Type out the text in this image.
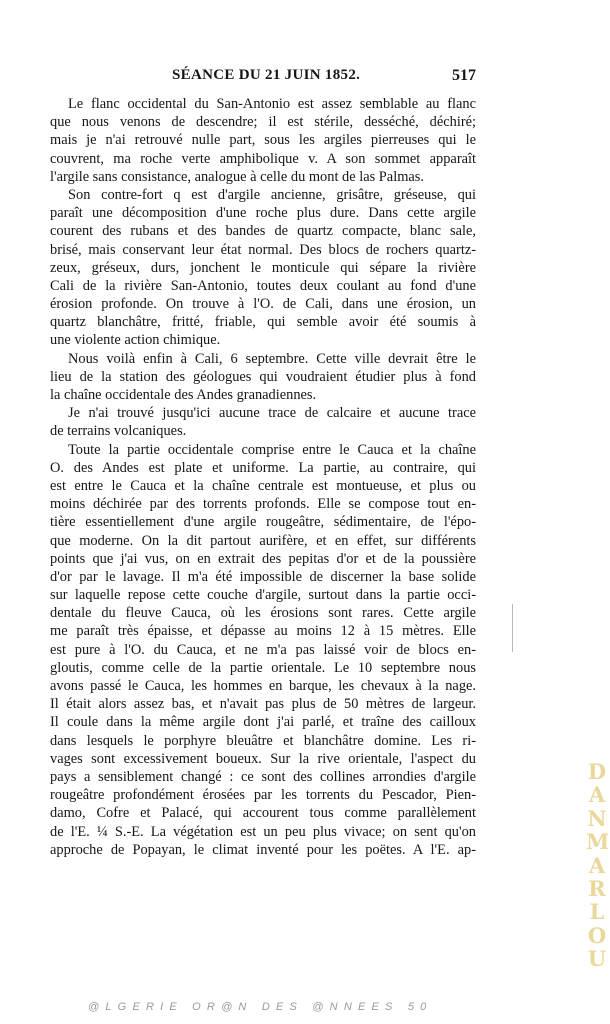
SÉANCE DU 21 JUIN 1852.	517
Le flanc occidental du San-Antonio est assez semblable au flanc
que nous venons de descendre; il est stérile, desséché, déchiré;
mais je n'ai retrouvé nulle part, sous les argiles pierreuses qui le
couvrent, ma roche verte amphibolique v. A son sommet apparaît
l'argile sans consistance, analogue à celle du mont de las Palmas.
Son contre-fort q est d'argile ancienne, grisâtre, gréseuse, qui
paraît une décomposition d'une roche plus dure. Dans cette argile
courent des rubans et des bandes de quartz compacte, blanc sale,
brisé, mais conservant leur état normal. Des blocs de rochers quartz-
zeux, gréseux, durs, jonchent le monticule qui sépare la rivière
Cali de la rivière San-Antonio, toutes deux coulant au fond d'une
érosion profonde. On trouve à l'O. de Cali, dans une érosion, un
quartz blanchâtre, fritté, friable, qui semble avoir été soumis à
une violente action chimique.
Nous voilà enfin à Cali, 6 septembre. Cette ville devrait être le
lieu de la station des géologues qui voudraient étudier plus à fond
la chaîne occidentale des Andes granadiennes.
Je n'ai trouvé jusqu'ici aucune trace de calcaire et aucune trace
de terrains volcaniques.
Toute la partie occidentale comprise entre le Cauca et la chaîne
O. des Andes est plate et uniforme. La partie, au contraire, qui
est entre le Cauca et la chaîne centrale est montueuse, et plus ou
moins déchirée par des torrents profonds. Elle se compose tout en-
tière essentiellement d'une argile rougeâtre, sédimentaire, de l'épo-
que moderne. On la dit partout aurifère, et en effet, sur différents
points que j'ai vus, on en extrait des pepitas d'or et de la poussière
d'or par le lavage. Il m'a été impossible de discerner la base solide
sur laquelle repose cette couche d'argile, surtout dans la partie occi-
dentale du fleuve Cauca, où les érosions sont rares. Cette argile
me paraît très épaisse, et dépasse au moins 12 à 15 mètres. Elle
est pure à l'O. du Cauca, et ne m'a pas laissé voir de blocs en-
gloutis, comme celle de la partie orientale. Le 10 septembre nous
avons passé le Cauca, les hommes en barque, les chevaux à la nage.
Il était alors assez bas, et n'avait pas plus de 50 mètres de largeur.
Il coule dans la même argile dont j'ai parlé, et traîne des cailloux
dans lesquels le porphyre bleuâtre et blanchâtre domine. Les ri-
vages sont excessivement boueux. Sur la rive orientale, l'aspect du
pays a sensiblement changé : ce sont des collines arrondies d'argile
rougeâtre profondément érosées par les torrents du Pescador, Pien-
damo, Cofre et Palacé, qui accourent tous comme parallèlement
de l'E. ¼ S.-E. La végétation est un peu plus vivace; on sent qu'on
approche de Popayan, le climat inventé pour les poëtes. A l'E. ap-
D
A
N
M
A
R
L
O
U
@LGERIE OR@N DES @NNEES 50
